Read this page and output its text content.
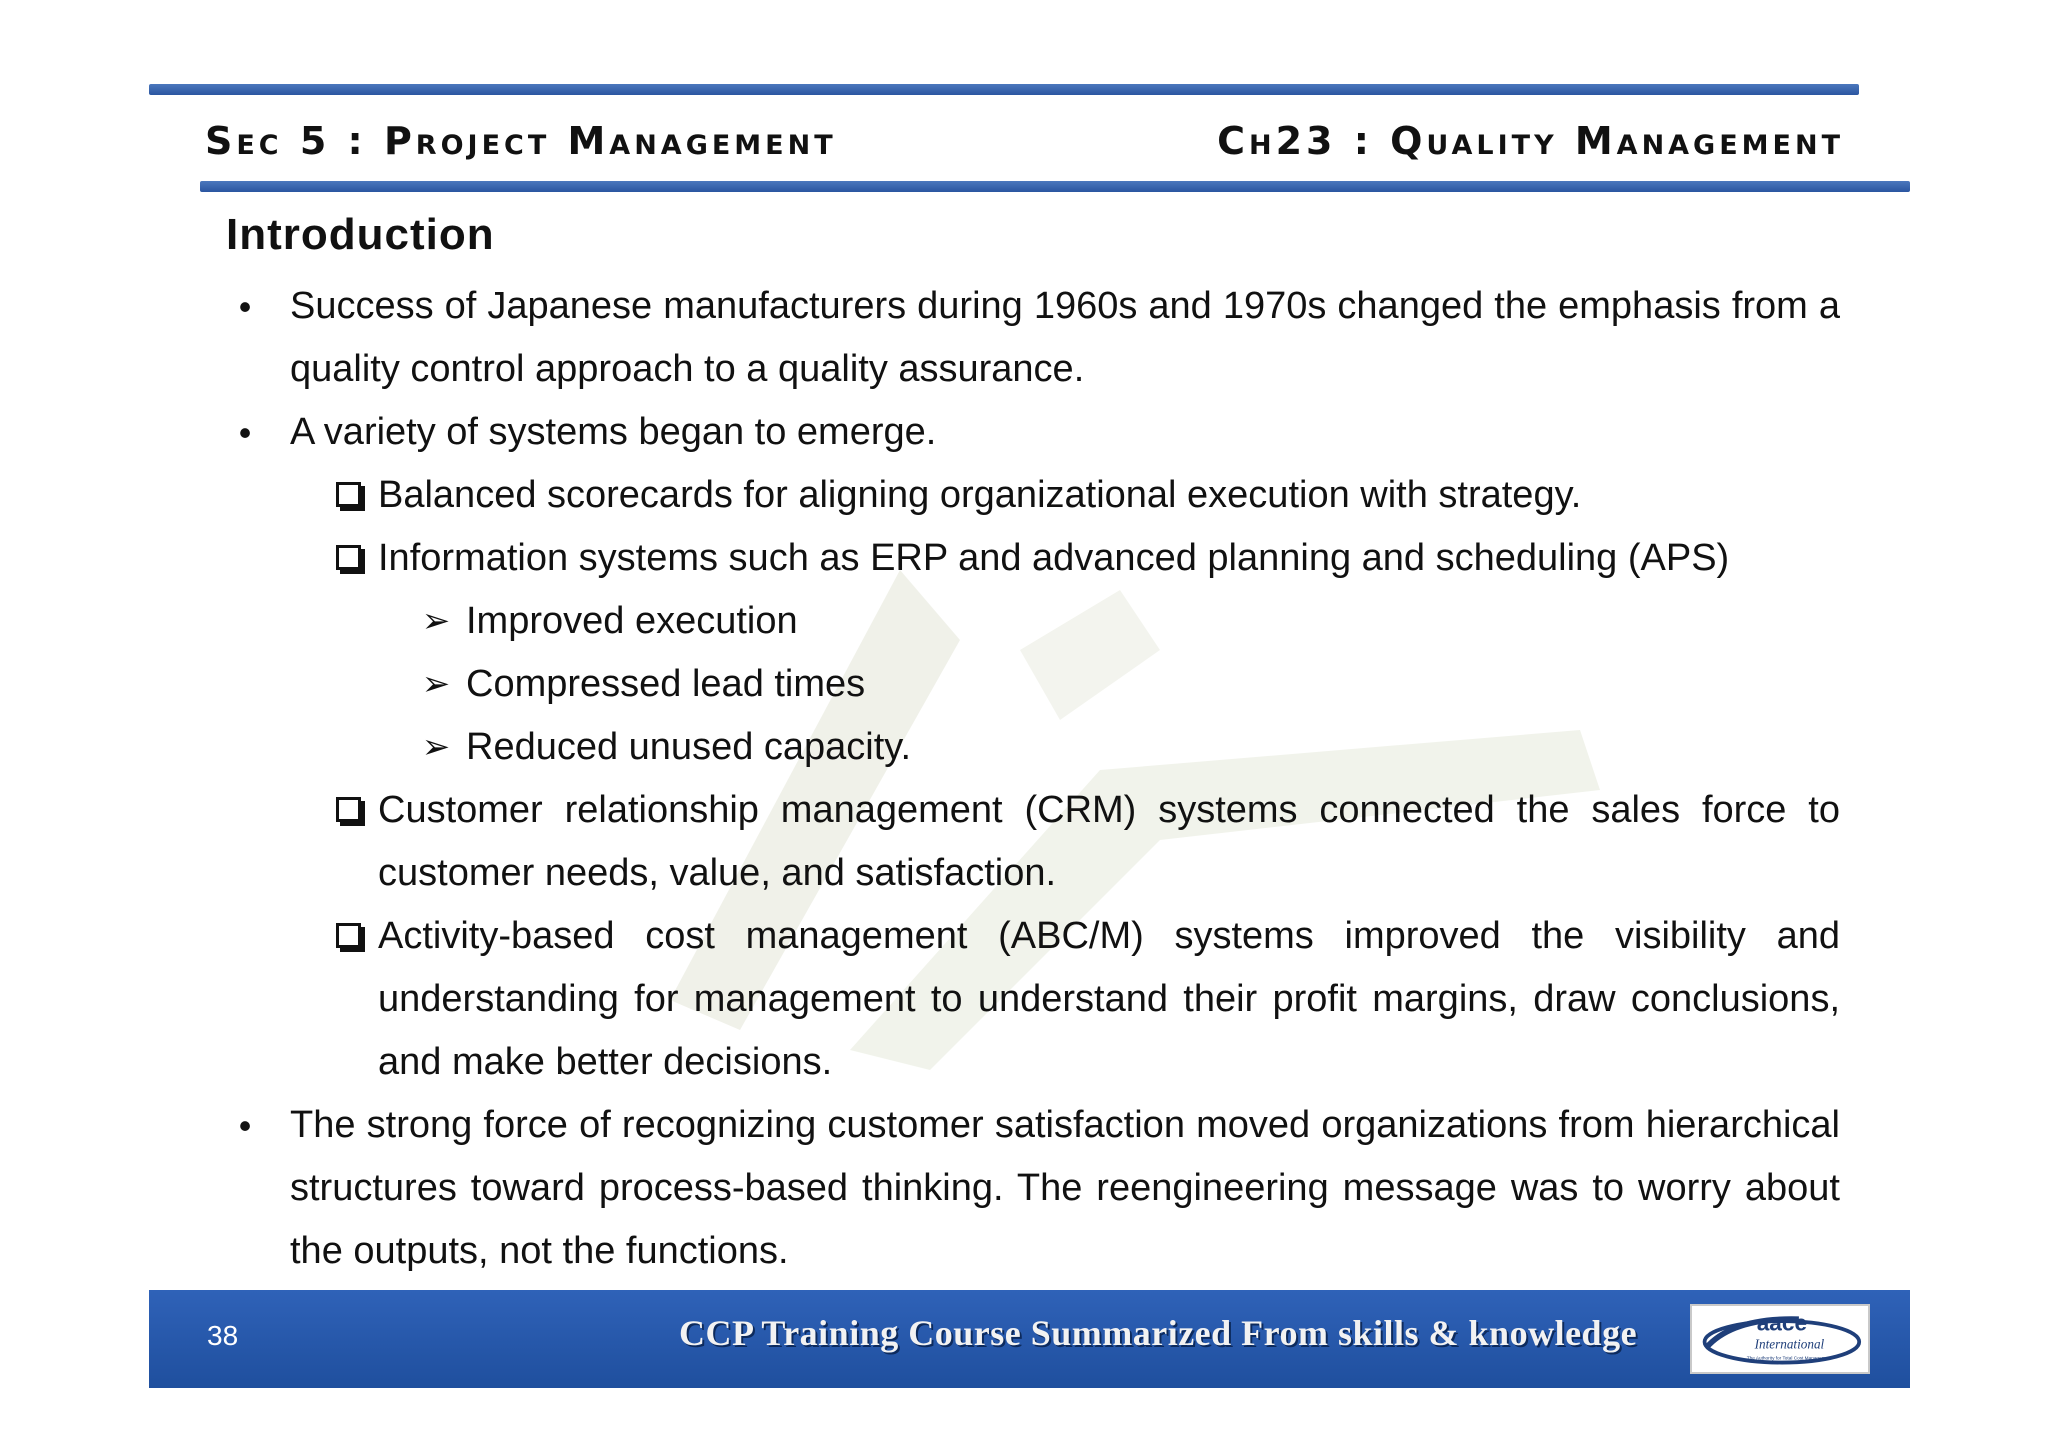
Sec 5 : Project Management	Ch23 : Quality Management
Introduction
• Success of Japanese manufacturers during 1960s and 1970s changed the emphasis from a quality control approach to a quality assurance.
• A variety of systems began to emerge.
Balanced scorecards for aligning organizational execution with strategy.
Information systems such as ERP and advanced planning and scheduling (APS)
➢ Improved execution
➢ Compressed lead times
➢ Reduced unused capacity.
Customer relationship management (CRM) systems connected the sales force to customer needs, value, and satisfaction.
Activity-based cost management (ABC/M) systems improved the visibility and understanding for management to understand their profit margins, draw conclusions, and make better decisions.
• The strong force of recognizing customer satisfaction moved organizations from hierarchical structures toward process-based thinking. The reengineering message was to worry about the outputs, not the functions.
38	CCP Training Course Summarized From skills & knowledge	aace
International
The Authority for Total Cost Management
